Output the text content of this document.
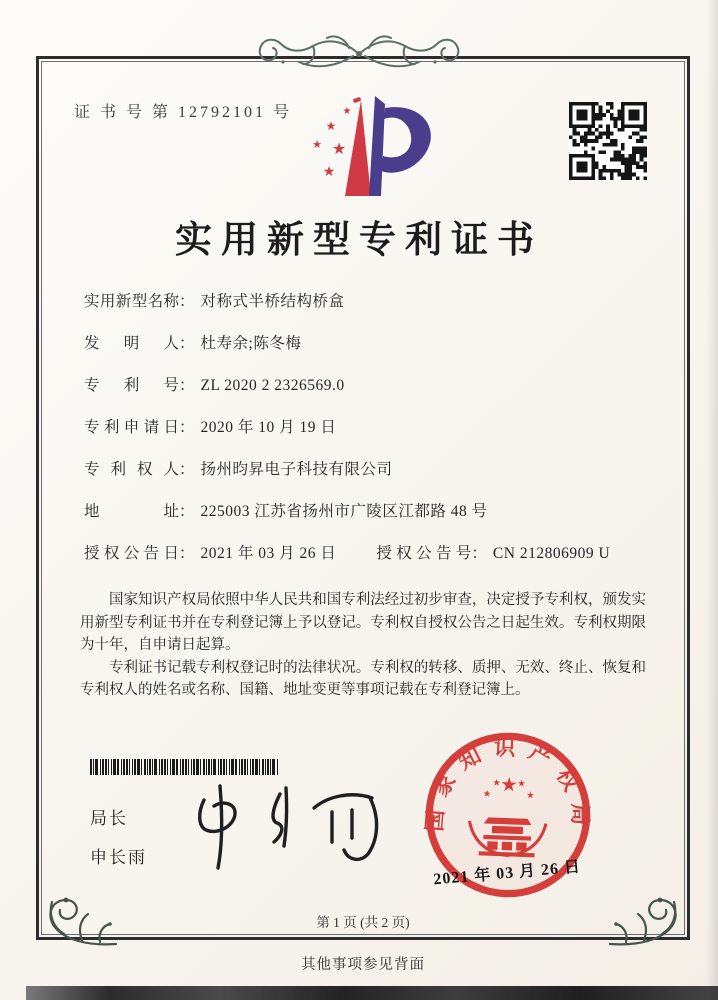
证 书 号 第 12792101 号	★
★
★ ★
★
实用新型专利证书
实用新型名称： 对称式半桥结构桥盒
发明人： 杜寿余;陈冬梅
专利号： ZL 2020 2 2326569.0
专利申请日： 2020 年 10 月 19 日
专利权人： 扬州昀昇电子科技有限公司
地址： 225003 江苏省扬州市广陵区江都路 48 号
授权公告日： 2021 年 03 月 26 日	授权公告号： CN 212806909 U

国家知识产权局依照中华人民共和国专利法经过初步审查，决定授予专利权，颁发实用新型专利证书并在专利登记簿上予以登记。专利权自授权公告之日起生效。专利权期限为十年，自申请日起算。

专利证书记载专利权登记时的法律状况。专利权的转移、质押、无效、终止、恢复和专利权人的姓名或名称、国籍、地址变更等事项记载在专利登记簿上。

局长
申长雨
国家知识产权局
★
★
★ ★
★
2021 年 03 月 26 日
第 1 页 (共 2 页)
其他事项参见背面
